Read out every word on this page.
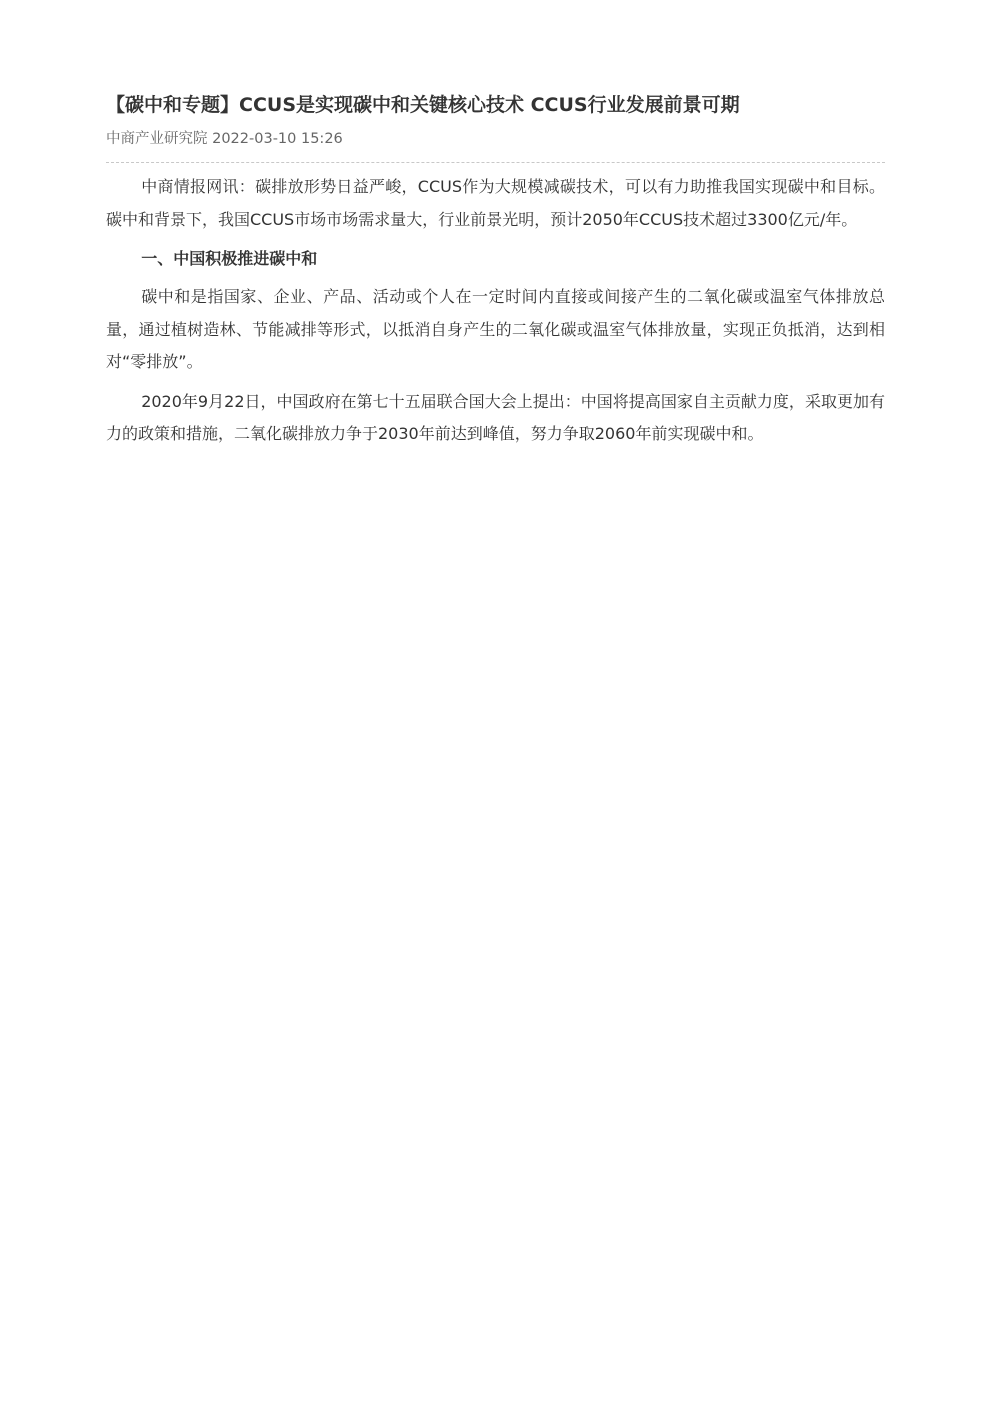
【碳中和专题】CCUS是实现碳中和关键核心技术 CCUS行业发展前景可期
中商产业研究院 2022-03-10 15:26

中商情报网讯：碳排放形势日益严峻，CCUS作为大规模减碳技术，可以有力助推我国实现碳中和目标。碳中和背景下，我国CCUS市场市场需求量大，行业前景光明，预计2050年CCUS技术超过3300亿元/年。

一、中国积极推进碳中和

碳中和是指国家、企业、产品、活动或个人在一定时间内直接或间接产生的二氧化碳或温室气体排放总量，通过植树造林、节能减排等形式，以抵消自身产生的二氧化碳或温室气体排放量，实现正负抵消，达到相对“零排放”。

2020年9月22日，中国政府在第七十五届联合国大会上提出：中国将提高国家自主贡献力度，采取更加有力的政策和措施，二氧化碳排放力争于2030年前达到峰值，努力争取2060年前实现碳中和。
